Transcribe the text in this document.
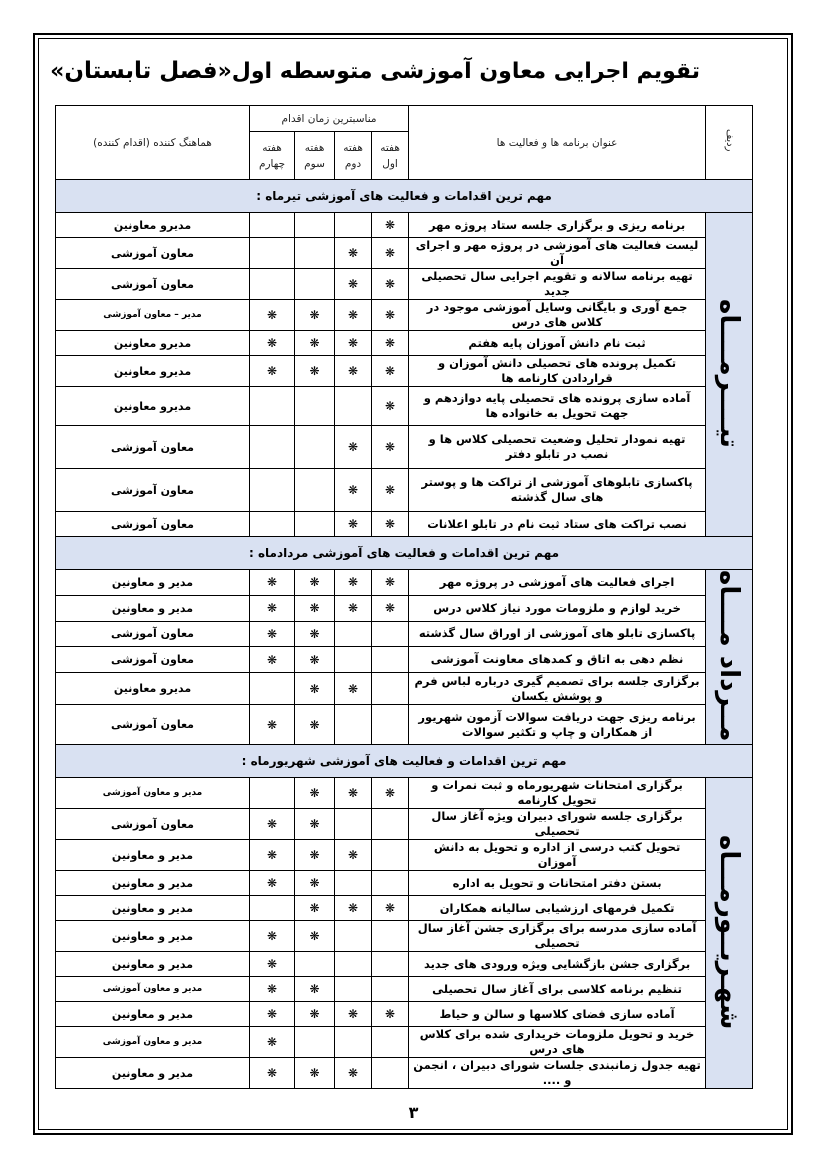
تقویم اجرایی معاون آموزشی متوسطه اول«فصل تابستان»
ردیف	عنوان برنامه ها و فعالیت ها	مناسبترین زمان اقدام				هماهنگ کننده (اقدام کننده)
		هفته اول	هفته دوم	هفته سوم	هفته چهارم	
مهم ترین اقدامات و فعالیت های آموزشی تیرماه :						
تیــــرمــــاه	برنامه ریزی و برگزاری جلسه ستاد پروژه مهر	❋				مدیرو معاونین
	لیست فعالیت های آموزشی در پروژه مهر و اجرای آن	❋	❋			معاون آموزشی
	تهیه برنامه سالانه و تقویم اجرایی سال تحصیلی جدید	❋	❋			معاون آموزشی
	جمع آوری و بایگانی وسایل آموزشی موجود در کلاس های درس	❋	❋	❋	❋	مدیر – معاون آموزشی
	ثبت نام دانش آموزان پایه هفتم	❋	❋	❋	❋	مدیرو معاونین
	تکمیل پرونده های تحصیلی دانش آموزان و قراردادن کارنامه ها	❋	❋	❋	❋	مدیرو معاونین
	آماده سازی پرونده های تحصیلی پایه دوازدهم و جهت تحویل به خانواده ها	❋				مدیرو معاونین
	تهیه نمودار تحلیل وضعیت تحصیلی کلاس ها و نصب در تابلو دفتر	❋	❋			معاون آموزشی
	پاکسازی تابلوهای آموزشی از تراکت ها و پوستر های سال گذشته	❋	❋			معاون آموزشی
	نصب تراکت های ستاد ثبت نام در تابلو اعلانات	❋	❋			معاون آموزشی
مهم ترین اقدامات و فعالیت های آموزشی مردادماه :						
مــرداد مــــاه	اجرای فعالیت های آموزشی در پروژه مهر	❋	❋	❋	❋	مدیر و معاونین
	خرید لوازم و ملزومات مورد نیاز کلاس درس	❋	❋	❋	❋	مدیر و معاونین
	پاکسازی تابلو های آموزشی از اوراق سال گذشته			❋	❋	معاون آموزشی
	نظم دهی به اتاق و کمدهای معاونت آموزشی			❋	❋	معاون آموزشی
	برگزاری جلسه برای تصمیم گیری درباره لباس فرم و پوشش یکسان		❋	❋		مدیرو معاونین
	برنامه ریزی جهت دریافت سوالات آزمون شهریور از همکاران و چاپ و تکثیر سوالات			❋	❋	معاون آموزشی
مهم ترین اقدامات و فعالیت های آموزشی شهریورماه :						
شهـریــورمـــاه	برگزاری امتحانات شهریورماه و ثبت نمرات و تحویل کارنامه	❋	❋	❋		مدیر و معاون آموزشی
	برگزاری جلسه شورای دبیران ویژه آغاز سال تحصیلی			❋	❋	معاون آموزشی
	تحویل کتب درسی از اداره و تحویل به دانش آموزان		❋	❋	❋	مدیر و معاونین
	بستن دفتر امتحانات و تحویل به اداره			❋	❋	مدیر و معاونین
	تکمیل فرمهای ارزشیابی سالیانه همکاران	❋	❋	❋		مدیر و معاونین
	آماده سازی مدرسه برای برگزاری جشن آغاز سال تحصیلی			❋	❋	مدیر و معاونین
	برگزاری جشن بازگشایی ویژه ورودی های جدید				❋	مدیر و معاونین
	تنظیم برنامه کلاسی برای آغاز سال تحصیلی			❋	❋	مدیر و معاون آموزشی
	آماده سازی فضای کلاسها و سالن و حیاط	❋	❋	❋	❋	مدیر و معاونین
	خرید و تحویل ملزومات خریداری شده برای کلاس های درس				❋	مدیر و معاون آموزشی
	تهیه جدول زمانبندی جلسات شورای دبیران ، انجمن و ....		❋	❋	❋	مدیر و معاونین
۳
